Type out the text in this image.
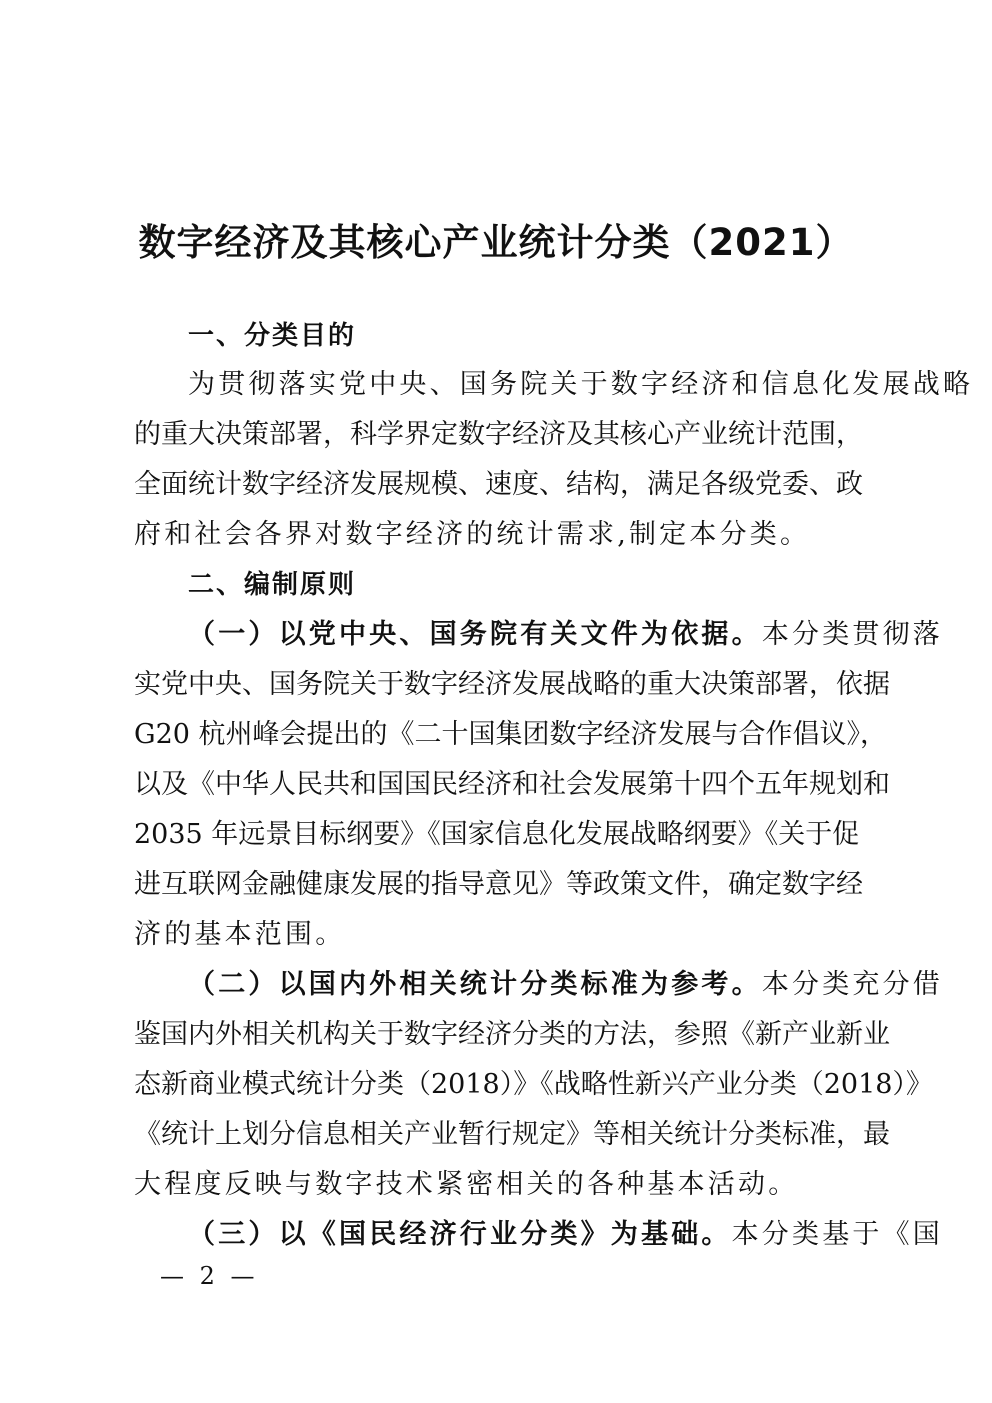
数字经济及其核心产业统计分类（2021）
一、分类目的
为贯彻落实党中央、国务院关于数字经济和信息化发展战略
的重大决策部署，科学界定数字经济及其核心产业统计范围，
全面统计数字经济发展规模、速度、结构，满足各级党委、政
府和社会各界对数字经济的统计需求,制定本分类。
二、编制原则
（一）以党中央、国务院有关文件为依据。本分类贯彻落
实党中央、国务院关于数字经济发展战略的重大决策部署，依据
G20 杭州峰会提出的《二十国集团数字经济发展与合作倡议》，
以及《中华人民共和国国民经济和社会发展第十四个五年规划和
2035 年远景目标纲要》《国家信息化发展战略纲要》《关于促
进互联网金融健康发展的指导意见》等政策文件，确定数字经
济的基本范围。
（二）以国内外相关统计分类标准为参考。本分类充分借
鉴国内外相关机构关于数字经济分类的方法，参照《新产业新业
态新商业模式统计分类（2018）》《战略性新兴产业分类（2018）》
《统计上划分信息相关产业暂行规定》等相关统计分类标准，最
大程度反映与数字技术紧密相关的各种基本活动。
（三）以《国民经济行业分类》为基础。本分类基于《国
— 2 —
